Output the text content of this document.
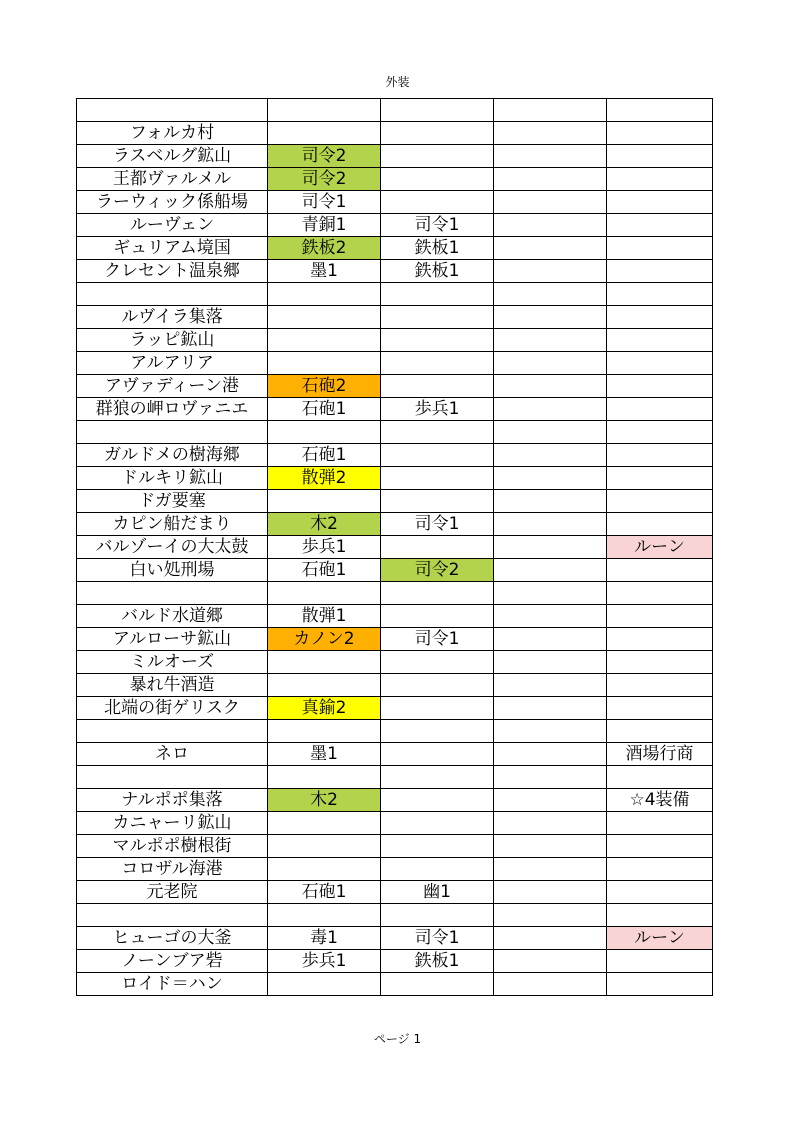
外装

フォルカ村				
ラスベルグ鉱山	司令2			
王都ヴァルメル	司令2			
ラーウィック係船場	司令1			
ルーヴェン	青銅1	司令1		
ギュリアム境国	鉄板2	鉄板1		
クレセント温泉郷	墨1	鉄板1		

ルヴイラ集落				
ラッピ鉱山				
アルアリア				
アヴァディーン港	石砲2			
群狼の岬ロヴァニエ	石砲1	歩兵1		

ガルドメの樹海郷	石砲1			
ドルキリ鉱山	散弾2			
ドガ要塞				
カピン船だまり	木2	司令1		
バルゾーイの大太鼓	歩兵1			ルーン
白い処刑場	石砲1	司令2		

バルド水道郷	散弾1			
アルローサ鉱山	カノン2	司令1		
ミルオーズ				
暴れ牛酒造				
北端の街ゲリスク	真鍮2			

ネロ	墨1			酒場行商

ナルポポ集落	木2			☆4装備
カニャーリ鉱山				
マルポポ樹根街				
コロザル海港				
元老院	石砲1	幽1		

ヒューゴの大釜	毒1	司令1		ルーン
ノーンブア砦	歩兵1	鉄板1		
ロイド＝ハン				
ページ 1
